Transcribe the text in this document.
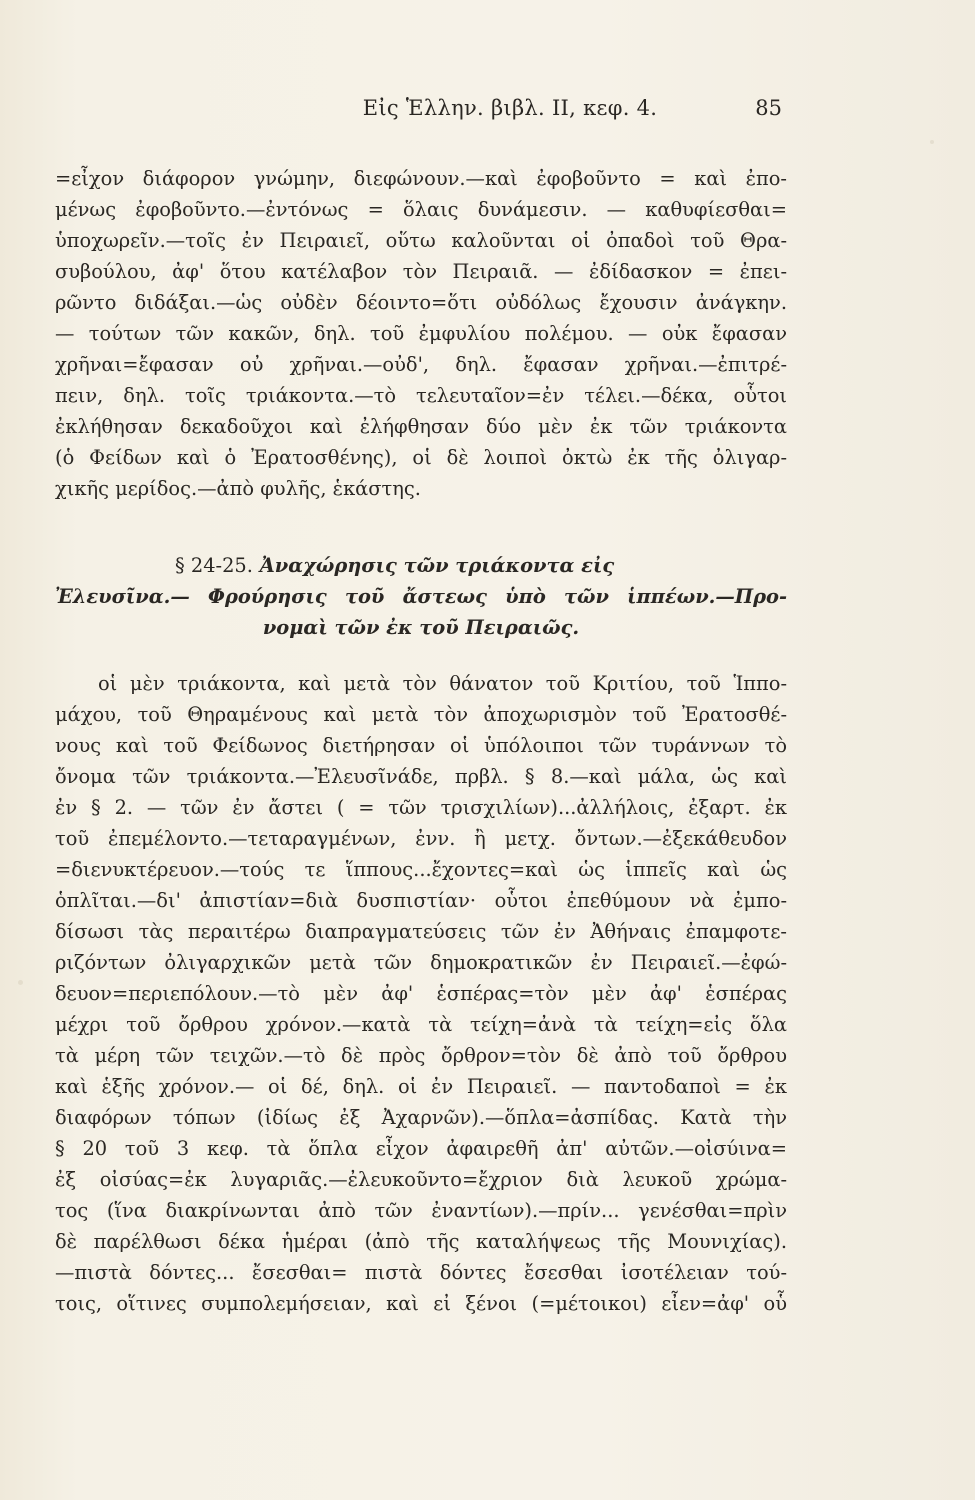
Εἰς Ἑλλην. βιβλ. ΙΙ, κεφ. 4.	85
=εἶχον διάφορον γνώμην, διεφώνουν.—καὶ ἐφοβοῦντο = καὶ ἐπο-
μένως ἐφοβοῦντο.—ἐντόνως = ὅλαις δυνάμεσιν. — καθυφίεσθαι=
ὑποχωρεῖν.—τοῖς ἐν Πειραιεῖ, οὕτω καλοῦνται οἱ ὀπαδοὶ τοῦ Θρα-
συβούλου, ἀφ' ὅτου κατέλαβον τὸν Πειραιᾶ. — ἐδίδασκον = ἐπει-
ρῶντο διδάξαι.—ὡς οὐδὲν δέοιντο=ὅτι οὐδόλως ἔχουσιν ἀνάγκην.
— τούτων τῶν κακῶν, δηλ. τοῦ ἐμφυλίου πολέμου. — οὐκ ἔφασαν
χρῆναι=ἔφασαν οὐ χρῆναι.—οὐδ', δηλ. ἔφασαν χρῆναι.—ἐπιτρέ-
πειν, δηλ. τοῖς τριάκοντα.—τὸ τελευταῖον=ἐν τέλει.—δέκα, οὗτοι
ἐκλήθησαν δεκαδοῦχοι καὶ ἐλήφθησαν δύο μὲν ἐκ τῶν τριάκοντα
(ὁ Φείδων καὶ ὁ Ἐρατοσθένης), οἱ δὲ λοιποὶ ὀκτὼ ἐκ τῆς ὀλιγαρ-
χικῆς μερίδος.—ἀπὸ φυλῆς, ἑκάστης.
§ 24-25. Ἀναχώρησις τῶν τριάκοντα εἰς
Ἐλευσῖνα.— Φρούρησις τοῦ ἄστεως ὑπὸ τῶν ἱππέων.—Προ-
νομαὶ τῶν ἐκ τοῦ Πειραιῶς.
οἱ μὲν τριάκοντα, καὶ μετὰ τὸν θάνατον τοῦ Κριτίου, τοῦ Ἱππο-
μάχου, τοῦ Θηραμένους καὶ μετὰ τὸν ἀποχωρισμὸν τοῦ Ἐρατοσθέ-
νους καὶ τοῦ Φείδωνος διετήρησαν οἱ ὑπόλοιποι τῶν τυράννων τὸ
ὄνομα τῶν τριάκοντα.—Ἐλευσῖνάδε, πρβλ. § 8.—καὶ μάλα, ὡς καὶ
ἐν § 2. — τῶν ἐν ἄστει ( = τῶν τρισχιλίων)...ἀλλήλοις, ἐξαρτ. ἐκ
τοῦ ἐπεμέλοντο.—τεταραγμένων, ἐνν. ἢ μετχ. ὄντων.—ἐξεκάθευδον
=διενυκτέρευον.—τούς τε ἵππους...ἔχοντες=καὶ ὡς ἱππεῖς καὶ ὡς
ὁπλῖται.—δι' ἀπιστίαν=διὰ δυσπιστίαν· οὗτοι ἐπεθύμουν νὰ ἐμπο-
δίσωσι τὰς περαιτέρω διαπραγματεύσεις τῶν ἐν Ἀθήναις ἐπαμφοτε-
ριζόντων ὀλιγαρχικῶν μετὰ τῶν δημοκρατικῶν ἐν Πειραιεῖ.—ἐφώ-
δευον=περιεπόλουν.—τὸ μὲν ἀφ' ἑσπέρας=τὸν μὲν ἀφ' ἑσπέρας
μέχρι τοῦ ὄρθρου χρόνον.—κατὰ τὰ τείχη=ἀνὰ τὰ τείχη=εἰς ὅλα
τὰ μέρη τῶν τειχῶν.—τὸ δὲ πρὸς ὄρθρον=τὸν δὲ ἀπὸ τοῦ ὄρθρου
καὶ ἑξῆς χρόνον.— οἱ δέ, δηλ. οἱ ἐν Πειραιεῖ. — παντοδαποὶ = ἐκ
διαφόρων τόπων (ἰδίως ἐξ Ἀχαρνῶν).—ὅπλα=ἀσπίδας. Κατὰ τὴν
§ 20 τοῦ 3 κεφ. τὰ ὅπλα εἶχον ἀφαιρεθῆ ἀπ' αὐτῶν.—οἰσύινα=
ἐξ οἰσύας=ἐκ λυγαριᾶς.—ἐλευκοῦντο=ἔχριον διὰ λευκοῦ χρώμα-
τος (ἵνα διακρίνωνται ἀπὸ τῶν ἐναντίων).—πρίν... γενέσθαι=πρὶν
δὲ παρέλθωσι δέκα ἡμέραι (ἀπὸ τῆς καταλήψεως τῆς Μουνιχίας).
—πιστὰ δόντες... ἔσεσθαι= πιστὰ δόντες ἔσεσθαι ἰσοτέλειαν τού-
τοις, οἵτινες συμπολεμήσειαν, καὶ εἰ ξένοι (=μέτοικοι) εἶεν=ἀφ' οὗ
